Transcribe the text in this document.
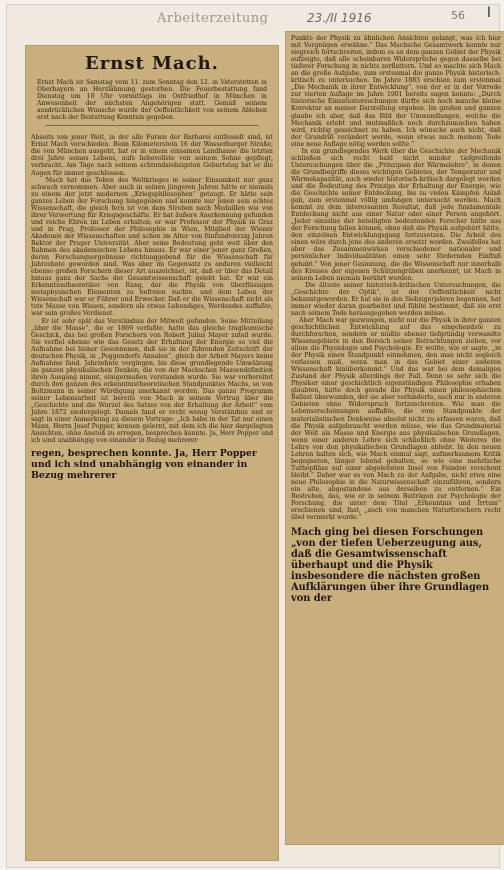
Arbeiterzeitung	23./II 1916	56 I
Ernst Mach.
Ernst Mach ist Samstag vom 11. zum Sonntag den 12. in Vaterstetten in Oberbayern an Herzlähmung gestorben. Die Feuerbestattung fand Dienstag um 10 Uhr vormittags im Ostfriedhof in München in Anwesenheit der nächsten Angehörigen statt. Gemäß seinem ausdrücklichen Wunsche wurde der Oeffentlichkeit von seinem Ableben erst nach der Bestattung Kenntnis gegeben.
Abseits von jener Welt, in der alle Furien der Barbarei entfesselt sind, ist Ernst Mach verschieden. Beim Kilometerstein 16 der Wasserburger Straße, die von München ausgeht, hat er in einem einsamen Landhause die letzten drei Jahre seines Lebens, aufs liebevollste von seinem Sohne gepflegt, verbracht. Am Tage nach seinem achtundsiebzigsten Geburtstag hat er die Augen für immer geschlossen.
Mach hat das Toben des Weltkrieges in seiner Einsamkeit nur ganz schwach vernommen. Aber auch in seinen jüngeren Jahren hätte er niemals zu einem der jetzt modernen „Kriegsphilosophen“ getaugt. Er hätte sein ganzes Leben der Forschung hingegeben und konnte nur jenen sein echtes Wissenschaft, die gleich fern ist von dem Streben nach Medaillen wie von ihrer Verwertung für Kriegsgeschäfte. Er hat äußere Anerkennung gefunden und reiche Ehren im Leben erhalten; er war Professor der Physik in Graz und in Prag, Professor der Philosophie in Wien, Mitglied der Wiener Akademie der Wissenschaften und schon im Alter von fünfundvierzig Jahren Rektor der Prager Universität. Aber seine Bedeutung geht weit über den Rahmen des akademischen Lebens hinaus. Er war einer jener ganz Großen, deren Forschungsergebnisse richtunggebend für die Wissenschaft für Jahrzehnte geworden sind. Was aber im Gegensatz zu anderen vielleicht ebenso großen Forschern dieser Art auszeichnet, ist, daß er über das Detail hinaus ganz der Sache der Gesamtwissenschaft gelebt hat. Er war ein Erkenntnistheoretiker von Rang, der die Physik von überflüssigen metaphysischen Elementen zu befreien suchte, und dem Leben der Wissenschaft war er Führer und Erwecker. Daß er die Wissenschaft nicht als tote Masse von Wissen, sondern als etwas Lebendiges, Werdendes auffaßte, war sein großes Verdienst.
Er ist sehr spät das Verständnis der Mitwelt gefunden. Seine Mitteilung „über die Masse“, die er 1869 verfaßte, hatte das gleiche tragikomische Geschick, das bei großen Forschern von Robert Julius Mayer zuteil wurde. Sie verfiel ebenso wie das Gesetz der Erhaltung der Energie so viel die Aufnahme bei bisher Gesonnenen, daß sie in der führenden Zeitschrift der deutschen Physik, in „Poggendorfs Annalen“, gleich der Arbeit Mayers keine Aufnahme fand. Jahrzehnte vergingen, bis diese grundlegende Umwälzung im ganzen physikalischen Denken, die von der Machschen Massendefinition ihren Ausgang nimmt, einigermaßen verstanden wurde. Sie war vorbereitet durch den ganzen des erkenntnistheoretischen Standpunktes Machs, so von Boltzmann in seiner Würdigung anerkannt worden. Das ganze Programm seiner Lebensarbeit ist bereits von Mach in seinem Vortrag über die „Geschichte und die Wurzel des Satzes von der Erhaltung der Arbeit“ vom Jahre 1872 niedergelegt. Damals fand er recht wenig Verständnis und er sagt in einer Anmerkung zu diesem Vortrage: „Ich habe in der Tat nur einen Mann, Herrn Josef Popper, kennen gelernt, mit dem ich die hier dargelegten Ansichten, ohne Anstoß zu erregen, besprechen konnte. Ja, Herr Popper und ich sind unabhängig von einander in Bezug mehrerer
regen, besprechen konnte. Ja, Herr Popper und ich sind unabhängig von einander in Bezug mehrerer
Punkte der Physik zu ähnlichen Ansichten gelangt, was ich hier mit Vergnügen erwähne.“ Das Machsche Gesamtwerk konnte nur siegreich fortschreiten, indem es an dem ganzen Gebiet der Physik aufzeigte, daß alle scheinbaren Widersprüche gegen dasselbe bei tieferer Forschung in nichts zerflattern. Und so machte sich Mach an die große Aufgabe, zum erstenmal die ganze Physik historisch-kritisch zu untersuchen. Im Jahre 1883 erschien zum erstenmal „Die Mechanik in ihrer Entwicklung“, von der er in der Vorrede zur vierten Auflage im Jahre 1901 bereits sagen konnte: „Durch historische Einzeluntersuchungen dürfte sich noch manche kleine Korrektur an meiner Darstellung ergeben. Im großen und ganzen glaube ich aber, daß das Bild der Umwandlungen, welche die Mechanik erlebt und mutmaßlich noch durchzumachen haben wird, richtig gezeichnet zu haben. Ich wünsche auch nicht, daß der Grundriß verändert werde, wenn etwas nach meinem Tode eine neue Auflage nötig werden sollte.“
In ein grundlegendes Werk über die Geschichte der Mechanik schließen sich recht bald nicht minder tiefgreifende Untersuchungen über die „Prinzipien der Wärmelehre“, in denen die Grundbegriffe dieses wichtigen Gebietes, der Temperatur und Wärmekapazität, auch wieder historisch-kritisch dargelegt werden und die Bedeutung des Prinzips der Erhaltung der Energie, wie die Geschichte seiner Entdeckung, bis zu vielen Kämpfen Anlaß gab, zum erstenmal völlig umfangen untersucht werden. Mach kommt zu dem interessanten Resultat, daß jede fundamentale Entdeckung nicht aus einer Natur oder einer Person angehört. „Jeder einzelne der beteiligten bedeutenden Forscher hätte aus der Forschung fallen können, ohne daß die Physik aufgehört hätte, den einzelnen Entwicklungsgang fortzusetzen. Die Arbeit des einen wäre durch jene des anderen ersetzt worden. Zweifellos hat aber das Zusammenwirken verschiedener nationaler und persönlicher Individualitäten einen sehr fördernden Einfluß gehabt.“ Von jener Gesinnung, die die Wissenschaft nur innerhalb des Kreises der eigenen Schützengräben anerkennt, ist Mach in seinem Leben niemals berührt worden.
Die älteste seiner historisch-kritischen Untersuchungen, die „Geschichte der Optik“, ist der Oeffentlichkeit nicht bekanntgeworden. Er hat sie in den Siebzigerjahren begonnen, hat immer wieder daran gearbeitet und fühlte bestimmt, daß sie erst nach seinem Tode herausgegeben werden müsse.
Aber Mach war gezwungen, nicht nur die Physik in ihrer ganzen geschichtlichen Entwicklung auf das eingehendste zu durchforschen, sondern er mußte ebenso tiefgründig verwandte Wissensgebiete in den Bereich seiner Betrachtungen ziehen, vor allem die Physiologie und Psychologie. Er wollte, wie er sagte, „in der Physik einen Standpunkt einnehmen, den man nicht sogleich verlassen muß, wenn man in das Gebiet einer anderen Wissenschaft hinüberkommt.“ Und das war bei dem damaligen Zustand der Physik allerdings der Fall. Denn so sehr sich die Physiker einer geschichtlich eigenständigen Philosophie erhaben glaubten, hatte doch gerade die Physik einen philosophischen Ballast überwunden, der sie aber verhinderte, auch nur in anderen Gebieten ohne Widerspruch fortzuschreiten. Wie man die Lebenserscheinungen auffaßte, die vom Standpunkte der materialistischen Denkweise absolut nicht zu erfassen waren, daß die Physik aufgebraucht werden müsse, wie das Grundmaterial der Welt als Masse und Energie aus physikalischen Grundlagen, wenn einer anderen Lehre sich schließlich ohne Weiteres die Lehre von den physikalischen Grundlagen abhebt. In den neuen Lehren halten sich, wie Mach einmal sagt, aufmerksamem Kritik begegneten, länger lebend gehalten, so wie eine mehrfache Turbopfläze auf einer abgeleiteten Insel von Feinden verschont bleibt.“ Daher war es von Mach zu der Aufgabe, nicht etwa eine neue Philosophie in die Naturwissenschaft einzuführen, sondern ein alte, abgestandene aus derselben zu entfernen.“ Ein Bestreben, das, wie er in seinem Beiträgen zur Psychologie der Forschung, die unter dem Titel „Erkenntnis und Irrtum“ erschienen sind, fast, „auch von manchen Naturforschern recht übel vermerkt wurde.“
Mach ging bei diesen Forschungen „von der tiefen Ueberzeugung aus, daß die Gesamtwissenschaft überhaupt und die Physik insbesondere die nächsten großen Aufklärungen über ihre Grundlagen von der
